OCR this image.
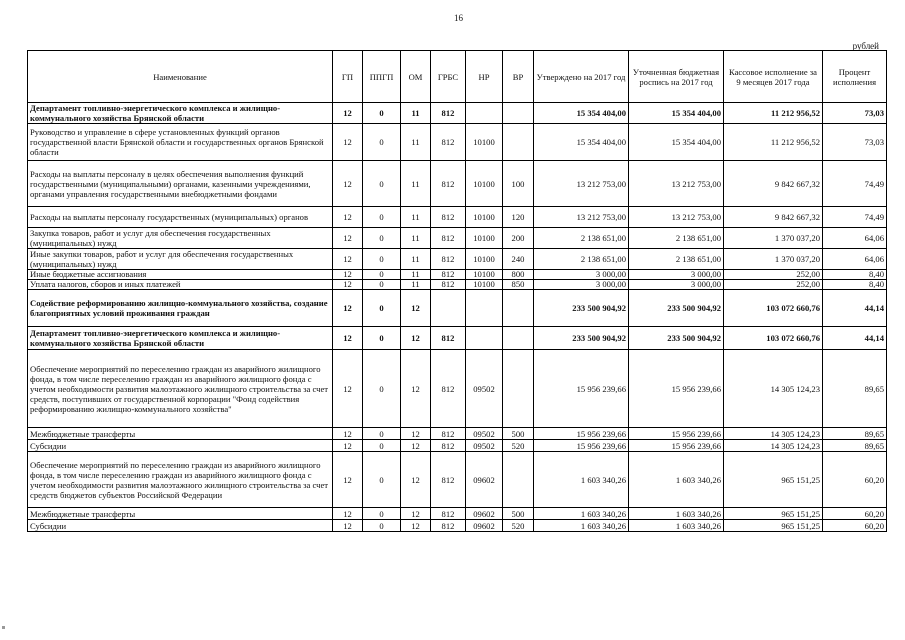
16
рублей
Наименование	ГП	ППГП	ОМ	ГРБС	НР	ВР	Утверждено на 2017 год	Уточненная бюджетная роспись на 2017 год	Кассовое исполнение за 9 месяцев 2017 года	Процент исполнения
Департамент топливно-энергетического комплекса и жилищно-коммунального хозяйства Брянской области	12	0	11	812			15 354 404,00	15 354 404,00	11 212 956,52	73,03
Руководство и управление в сфере установленных функций органов государственной власти Брянской области и государственных органов Брянской области	12	0	11	812	10100		15 354 404,00	15 354 404,00	11 212 956,52	73,03
Расходы на выплаты персоналу в целях обеспечения выполнения функций государственными (муниципальными) органами, казенными учреждениями, органами управления государственными внебюджетными фондами	12	0	11	812	10100	100	13 212 753,00	13 212 753,00	9 842 667,32	74,49
Расходы на выплаты персоналу государственных (муниципальных) органов	12	0	11	812	10100	120	13 212 753,00	13 212 753,00	9 842 667,32	74,49
Закупка товаров, работ и услуг для обеспечения государственных (муниципальных) нужд	12	0	11	812	10100	200	2 138 651,00	2 138 651,00	1 370 037,20	64,06
Иные закупки товаров, работ и услуг для обеспечения государственных (муниципальных) нужд	12	0	11	812	10100	240	2 138 651,00	2 138 651,00	1 370 037,20	64,06
Иные бюджетные ассигнования	12	0	11	812	10100	800	3 000,00	3 000,00	252,00	8,40
Уплата налогов, сборов и иных платежей	12	0	11	812	10100	850	3 000,00	3 000,00	252,00	8,40
Содействие реформированию жилищно-коммунального хозяйства, создание благоприятных условий проживания граждан	12	0	12				233 500 904,92	233 500 904,92	103 072 660,76	44,14
Департамент топливно-энергетического комплекса и жилищно-коммунального хозяйства Брянской области	12	0	12	812			233 500 904,92	233 500 904,92	103 072 660,76	44,14
Обеспечение мероприятий по переселению граждан из аварийного жилищного фонда, в том числе переселению граждан из аварийного жилищного фонда с учетом необходимости развития малоэтажного жилищного строительства за счет средств, поступивших от государственной корпорации "Фонд содействия реформированию жилищно-коммунального хозяйства"	12	0	12	812	09502		15 956 239,66	15 956 239,66	14 305 124,23	89,65
Межбюджетные трансферты	12	0	12	812	09502	500	15 956 239,66	15 956 239,66	14 305 124,23	89,65
Субсидии	12	0	12	812	09502	520	15 956 239,66	15 956 239,66	14 305 124,23	89,65
Обеспечение мероприятий по переселению граждан из аварийного жилищного фонда, в том числе переселению граждан из аварийного жилищного фонда с учетом необходимости развития малоэтажного жилищного строительства за счет средств бюджетов субъектов Российской Федерации	12	0	12	812	09602		1 603 340,26	1 603 340,26	965 151,25	60,20
Межбюджетные трансферты	12	0	12	812	09602	500	1 603 340,26	1 603 340,26	965 151,25	60,20
Субсидии	12	0	12	812	09602	520	1 603 340,26	1 603 340,26	965 151,25	60,20
